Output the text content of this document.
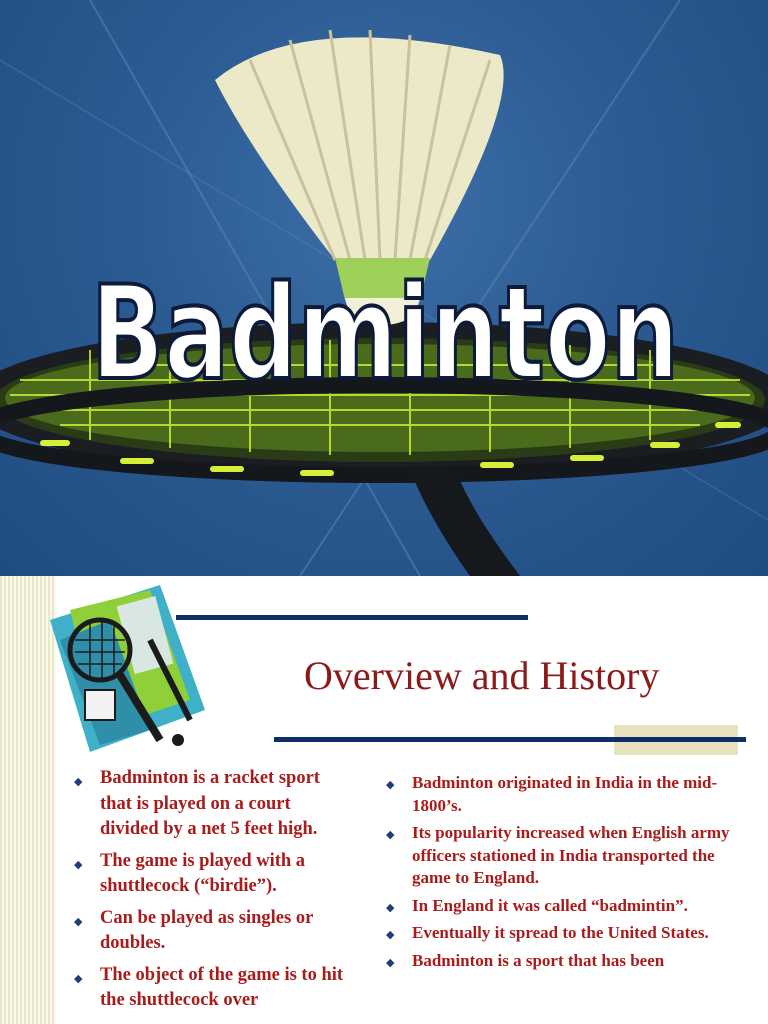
Badminton
Overview and History
◆ Badminton is a racket sport that is played on a court divided by a net 5 feet high.
◆ The game is played with a shuttlecock (“birdie”).
◆ Can be played as singles or doubles.
◆ The object of the game is to hit the shuttlecock over
◆ Badminton originated in India in the mid-1800’s.
◆ Its popularity increased when English army officers stationed in India transported the game to England.
◆ In England it was called “badmintin”.
◆ Eventually it spread to the United States.
◆ Badminton is a sport that has been
